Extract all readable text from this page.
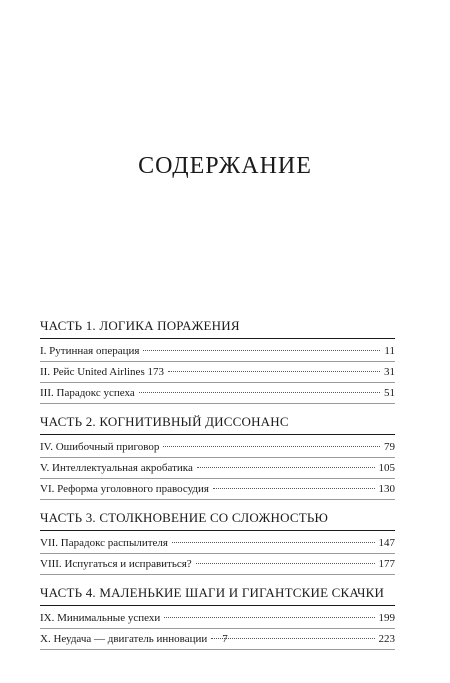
СОДЕРЖАНИЕ
ЧАСТЬ 1. ЛОГИКА ПОРАЖЕНИЯ
I.
Рутинная операция	11
II.
Рейс United Airlines 173	31
III.
Парадокс успеха	51
ЧАСТЬ 2. КОГНИТИВНЫЙ ДИССОНАНС
IV.
Ошибочный приговор	79
V.
Интеллектуальная акробатика	105
VI.
Реформа уголовного правосудия	130
ЧАСТЬ 3. СТОЛКНОВЕНИЕ СО СЛОЖНОСТЬЮ
VII.
Парадокс распылителя	147
VIII.
Испугаться и исправиться?	177
ЧАСТЬ 4. МАЛЕНЬКИЕ ШАГИ И ГИГАНТСКИЕ СКАЧКИ
IX.
Минимальные успехи	199
X.
Неудача — двигатель инновации	223
7
